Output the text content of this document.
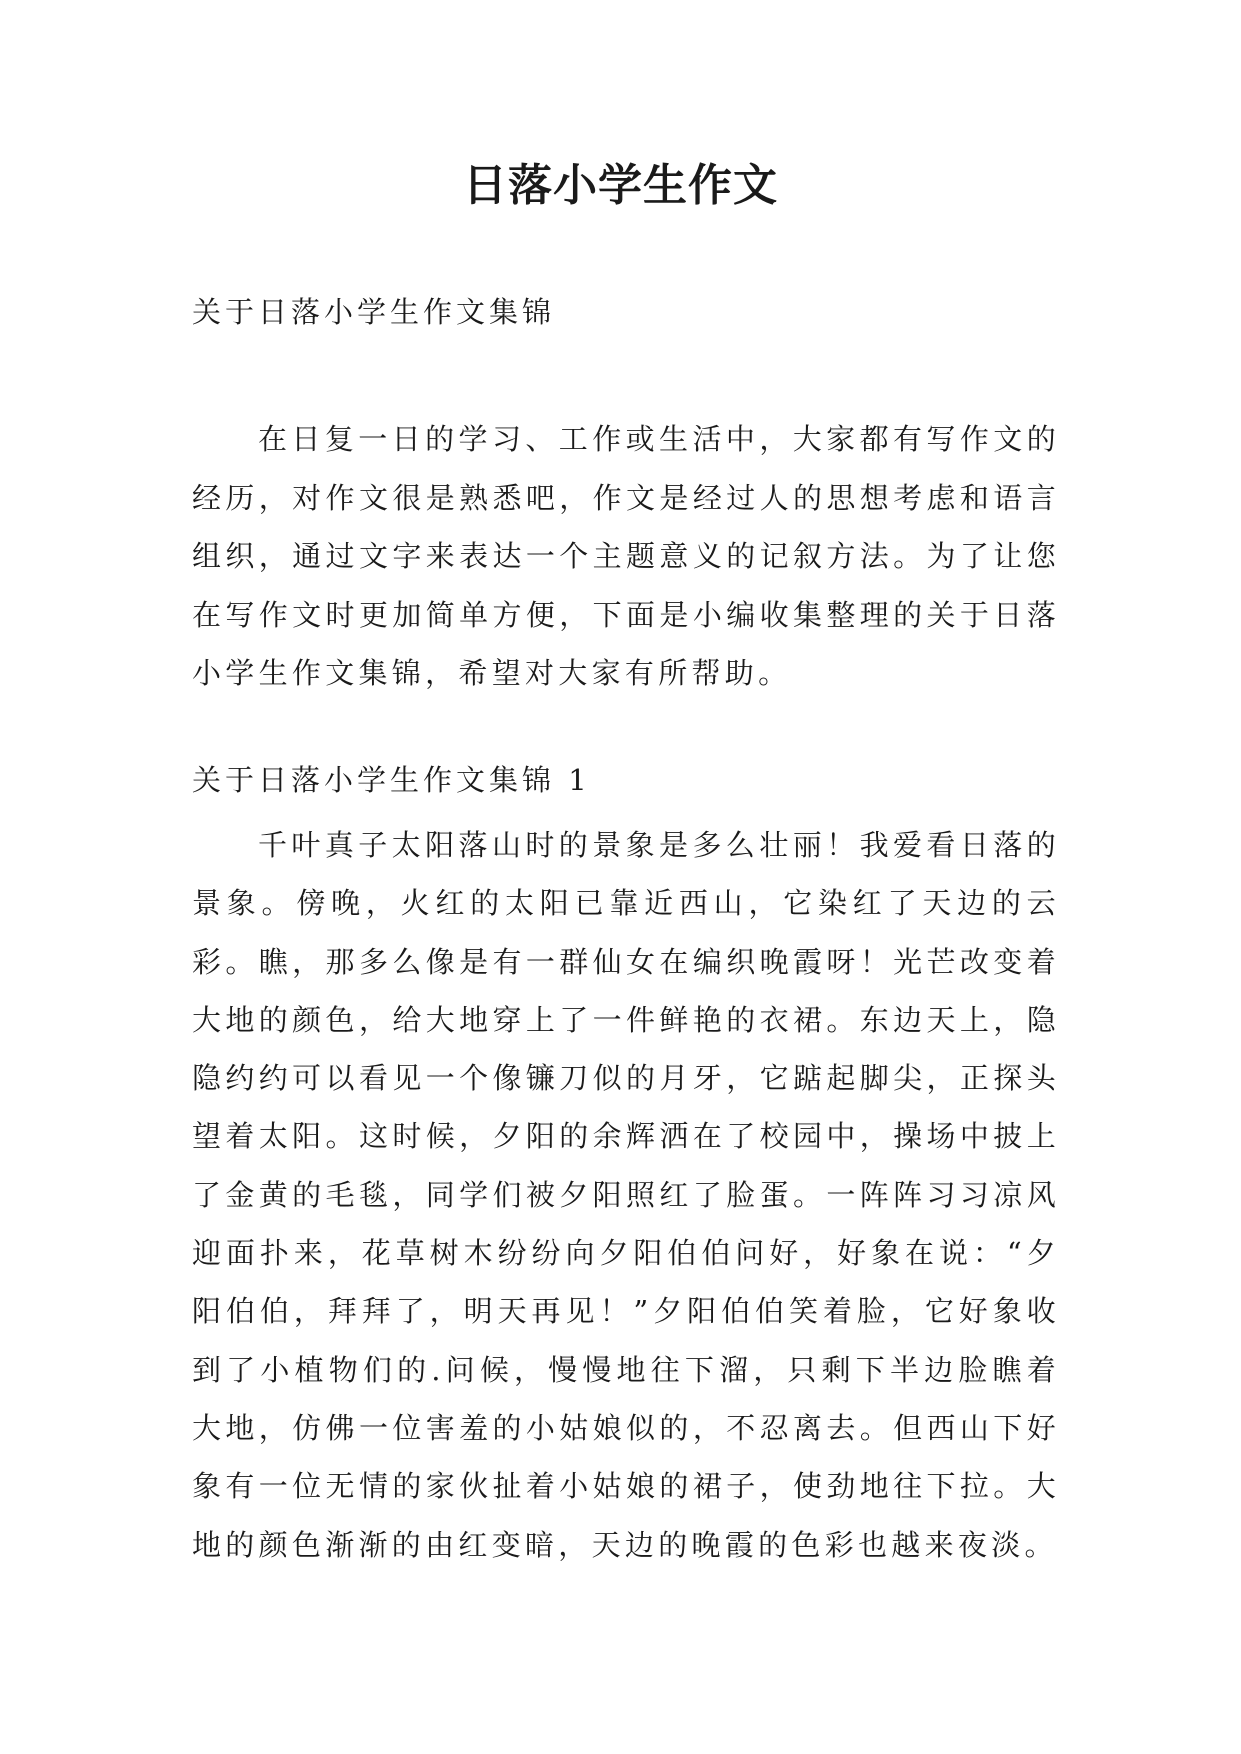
日落小学生作文

关于日落小学生作文集锦

在日复一日的学习、工作或生活中，大家都有写作文的经历，对作文很是熟悉吧，作文是经过人的思想考虑和语言组织，通过文字来表达一个主题意义的记叙方法。为了让您在写作文时更加简单方便，下面是小编收集整理的关于日落小学生作文集锦，希望对大家有所帮助。

关于日落小学生作文集锦 1

千叶真子太阳落山时的景象是多么壮丽！我爱看日落的景象。傍晚，火红的太阳已靠近西山，它染红了天边的云彩。瞧，那多么像是有一群仙女在编织晚霞呀！光芒改变着大地的颜色，给大地穿上了一件鲜艳的衣裙。东边天上，隐隐约约可以看见一个像镰刀似的月牙，它踮起脚尖，正探头望着太阳。这时候，夕阳的余辉洒在了校园中，操场中披上了金黄的毛毯，同学们被夕阳照红了脸蛋。一阵阵习习凉风迎面扑来，花草树木纷纷向夕阳伯伯问好，好象在说：“夕阳伯伯，拜拜了，明天再见！”夕阳伯伯笑着脸，它好象收到了小植物们的.问候，慢慢地往下溜，只剩下半边脸瞧着大地，仿佛一位害羞的小姑娘似的，不忍离去。但西山下好象有一位无情的家伙扯着小姑娘的裙子，使劲地往下拉。大地的颜色渐渐的由红变暗，天边的晚霞的色彩也越来夜淡。
